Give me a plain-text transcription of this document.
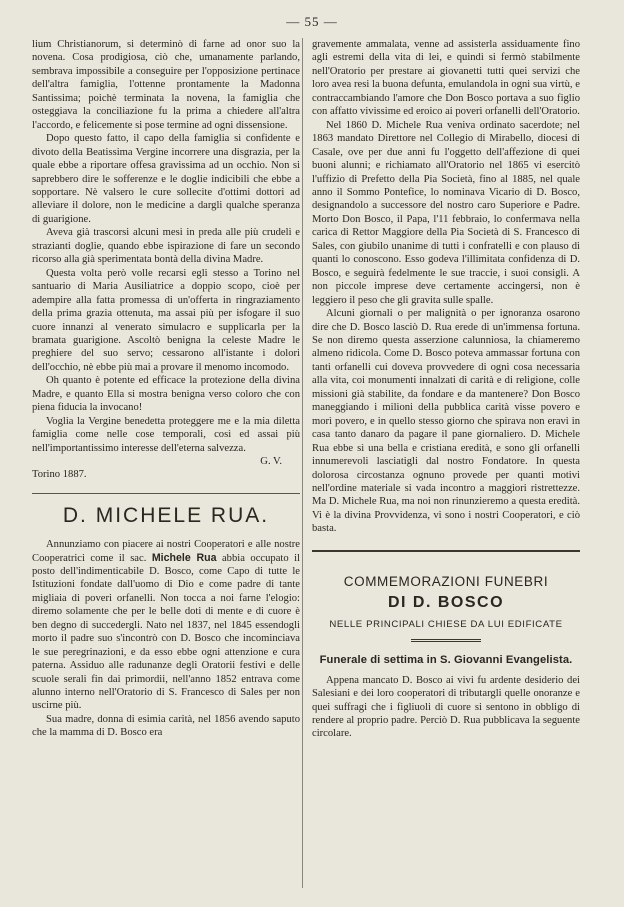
— 55 —

lium Christianorum, si determinò di farne ad onor suo la novena. Cosa prodigiosa, ciò che, umanamente parlando, sembrava impossibile a conseguire per l'opposizione pertinace dell'altra famiglia, l'ottenne prontamente la Madonna Santissima; poichè terminata la novena, la famiglia che osteggiava la conciliazione fu la prima a chiedere all'altra l'accordo, e felicemente si pose termine ad ogni dissensione.

Dopo questo fatto, il capo della famiglia si confidente e divoto della Beatissima Vergine incorrere una disgrazia, per la quale ebbe a riportare offesa gravissima ad un occhio. Non si saprebbero dire le sofferenze e le doglie indicibili che ebbe a sopportare. Nè valsero le cure sollecite d'ottimi dottori ad alleviare il dolore, non le medicine a dargli qualche speranza di guarigione.

Aveva già trascorsi alcuni mesi in preda alle più crudeli e strazianti doglie, quando ebbe ispirazione di fare un secondo ricorso alla già sperimentata bontà della divina Madre.

Questa volta però volle recarsi egli stesso a Torino nel santuario di Maria Ausiliatrice a doppio scopo, cioè per adempire alla fatta promessa di un'offerta in ringraziamento della prima grazia ottenuta, ma assai più per isfogare il suo cuore innanzi al venerato simulacro e supplicarla per la bramata guarigione. Ascoltò benigna la celeste Madre le preghiere del suo servo; cessarono all'istante i dolori dell'occhio, nè ebbe più mai a provare il menomo incomodo.

Oh quanto è potente ed efficace la protezione della divina Madre, e quanto Ella si mostra benigna verso coloro che con piena fiducia la invocano!

Voglia la Vergine benedetta proteggere me e la mia diletta famiglia come nelle cose temporali, così ed assai più nell'importantissimo interesse dell'eterna salvezza.

G. V.
Torino 1887.
D. MICHELE RUA.

Annunziamo con piacere ai nostri Cooperatori e alle nostre Cooperatrici come il sac. Michele Rua abbia occupato il posto dell'indimenticabile D. Bosco, come Capo di tutte le Istituzioni fondate dall'uomo di Dio e come padre di tante migliaia di poveri orfanelli. Non tocca a noi farne l'elogio: diremo solamente che per le belle doti di mente e di cuore è ben degno di succedergli. Nato nel 1837, nel 1845 essendogli morto il padre suo s'incontrò con D. Bosco che incominciava le sue peregrinazioni, e da esso ebbe ogni attenzione e cura paterna. Assiduo alle radunanze degli Oratorii festivi e delle scuole serali fin dai primordii, nell'anno 1852 entrava come alunno interno nell'Oratorio di S. Francesco di Sales per non uscirne più.

Sua madre, donna di esimia carità, nel 1856 avendo saputo che la mamma di D. Bosco era

gravemente ammalata, venne ad assisterla assiduamente fino agli estremi della vita di lei, e quindi si fermò stabilmente nell'Oratorio per prestare ai giovanetti tutti quei servizi che loro avea resi la buona defunta, emulandola in ogni sua virtù, e contraccambiando l'amore che Don Bosco portava a suo figlio con affatto vivissime ed eroico ai poveri orfanelli dell'Oratorio.

Nel 1860 D. Michele Rua veniva ordinato sacerdote; nel 1863 mandato Direttore nel Collegio di Mirabello, diocesi di Casale, ove per due anni fu l'oggetto dell'affezione di quei buoni alunni; e richiamato all'Oratorio nel 1865 vi esercitò l'uffizio di Prefetto della Pia Società, fino al 1885, nel quale anno il Sommo Pontefice, lo nominava Vicario di D. Bosco, designandolo a successore del nostro caro Superiore e Padre. Morto Don Bosco, il Papa, l'11 febbraio, lo confermava nella carica di Rettor Maggiore della Pia Società di S. Francesco di Sales, con giubilo unanime di tutti i confratelli e con plauso di quanti lo conoscono. Esso godeva l'illimitata confidenza di D. Bosco, e seguirà fedelmente le sue traccie, i suoi consigli. A non piccole imprese deve certamente accingersi, non è leggiero il peso che gli gravita sulle spalle.

Alcuni giornali o per malignità o per ignoranza osarono dire che D. Bosco lasciò D. Rua erede di un'immensa fortuna. Se non diremo questa asserzione calunniosa, la chiameremo almeno ridicola. Come D. Bosco poteva ammassar fortuna con tanti orfanelli cui doveva provvedere di ogni cosa necessaria alla vita, coi monumenti innalzati di carità e di religione, colle missioni già stabilite, da fondare e da mantenere? Don Bosco maneggiando i milioni della pubblica carità visse povero e morì povero, e in quello stesso giorno che spirava non eravi in casa tanto danaro da pagare il pane giornaliero. D. Michele Rua ebbe sì una bella e cristiana eredità, e sono gli orfanelli innumerevoli lasciatigli dal nostro Fondatore. In questa dolorosa circostanza ognuno provede per quanti motivi nell'ordine materiale si vada incontro a maggiori ristrettezze. Ma D. Michele Rua, ma noi non rinunzieremo a questa eredità. Vi è la divina Provvidenza, vi sono i nostri Cooperatori, e ciò basta.

COMMEMORAZIONI FUNEBRI
DI D. BOSCO
NELLE PRINCIPALI CHIESE DA LUI EDIFICATE
Funerale di settima in S. Giovanni Evangelista.

Appena mancato D. Bosco ai vivi fu ardente desiderio dei Salesiani e dei loro cooperatori di tributargli quelle onoranze e quei suffragi che i figliuoli di cuore si sentono in obbligo di rendere al proprio padre. Perciò D. Rua pubblicava la seguente circolare.
